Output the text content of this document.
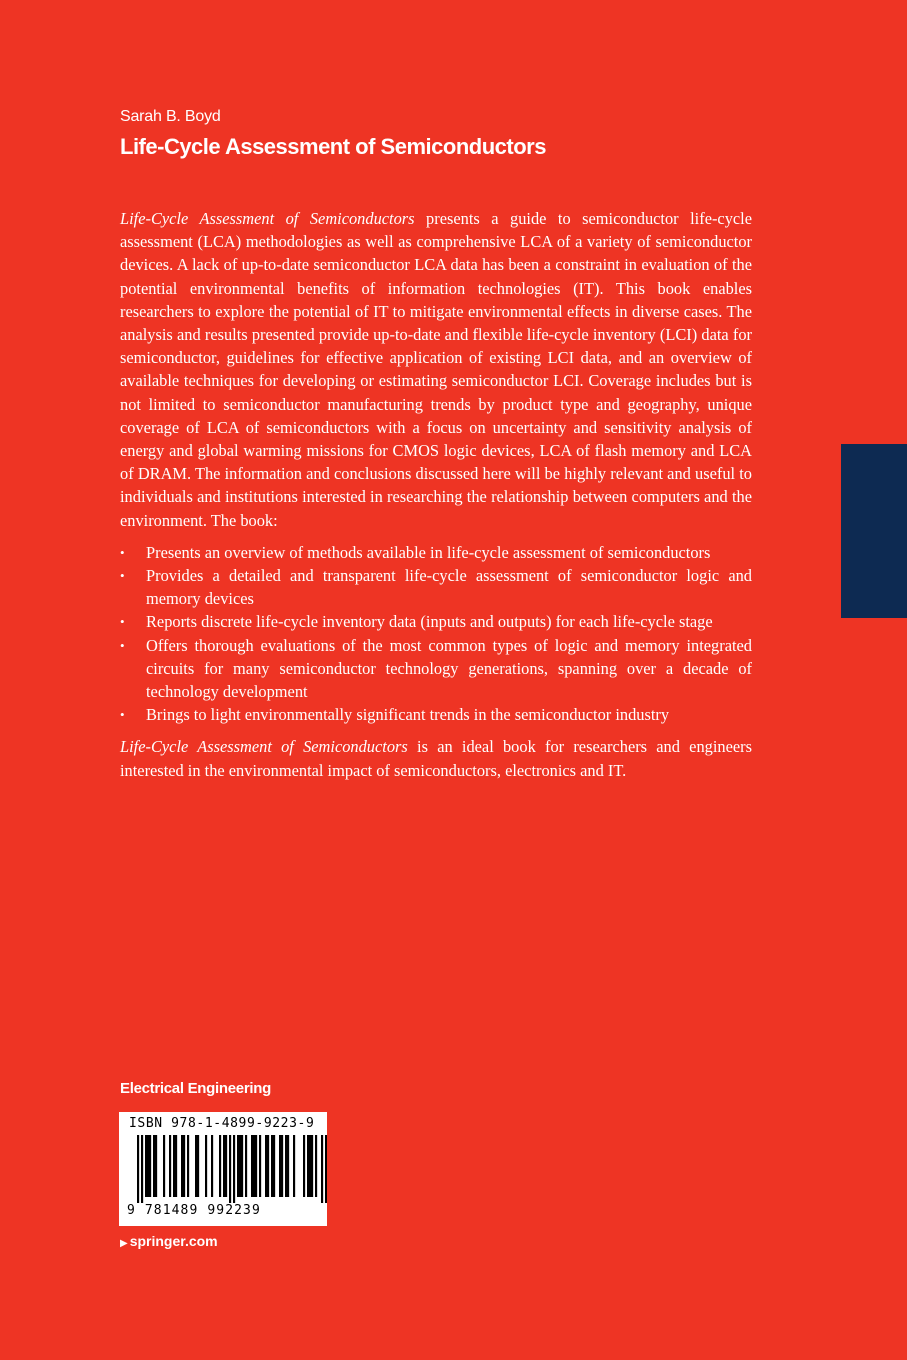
Sarah B. Boyd
Life-Cycle Assessment of Semiconductors

Life-Cycle Assessment of Semiconductors presents a guide to semiconductor life-cycle assessment (LCA) methodologies as well as comprehensive LCA of a variety of semiconductor devices. A lack of up-to-date semiconductor LCA data has been a constraint in evaluation of the potential environmental benefits of information technologies (IT). This book enables researchers to explore the potential of IT to mitigate environmental effects in diverse cases. The analysis and results presented provide up-to-date and flexible life-cycle inventory (LCI) data for semiconductor, guidelines for effective application of existing LCI data, and an overview of available techniques for developing or estimating semiconductor LCI. Coverage includes but is not limited to semiconductor manufacturing trends by product type and geography, unique coverage of LCA of semiconductors with a focus on uncertainty and sensitivity analysis of energy and global warming missions for CMOS logic devices, LCA of flash memory and LCA of DRAM. The information and conclusions discussed here will be highly relevant and useful to individuals and institutions interested in researching the relationship between computers and the environment. The book:

• Presents an overview of methods available in life-cycle assessment of semiconductors
• Provides a detailed and transparent life-cycle assessment of semiconductor logic and memory devices
• Reports discrete life-cycle inventory data (inputs and outputs) for each life-cycle stage
• Offers thorough evaluations of the most common types of logic and memory integrated circuits for many semiconductor technology generations, spanning over a decade of technology development
• Brings to light environmentally significant trends in the semiconductor industry

Life-Cycle Assessment of Semiconductors is an ideal book for researchers and engineers interested in the environmental impact of semiconductors, electronics and IT.

Electrical Engineering
ISBN 978-1-4899-9223-9
9 781489 992239
▶ springer.com
